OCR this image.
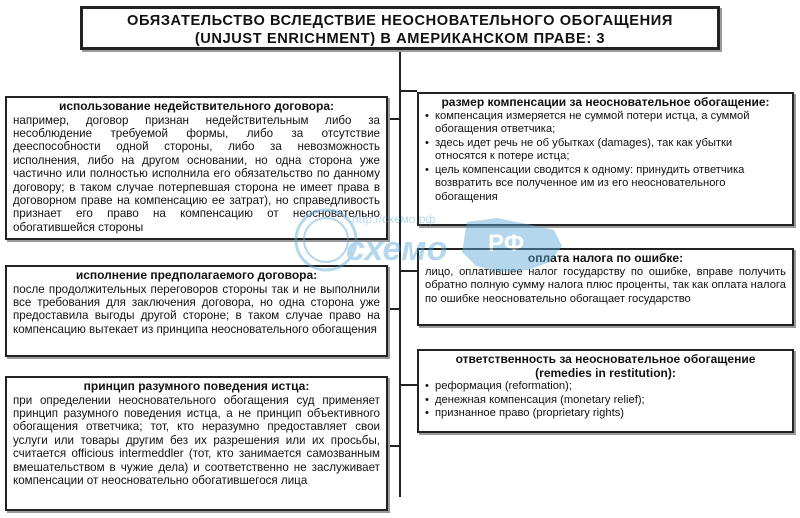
ОБЯЗАТЕЛЬСТВО ВСЛЕДСТВИЕ НЕОСНОВАТЕЛЬНОГО ОБОГАЩЕНИЯ
(UNJUST ENRICHMENT) В АМЕРИКАНСКОМ ПРАВЕ: 3
использование недействительного договора:
например, договор признан недействительным либо за несоблюдение требуемой формы, либо за отсутствие дееспособности одной стороны, либо за невозможность исполнения, либо на другом основании, но одна сторона уже частично или полностью исполнила его обязательство по данному договору; в таком случае потерпевшая сторона не имеет права в договорном праве на компенсацию ее затрат), но справедливость признает его право на компенсацию от неосновательно обогатившейся стороны
исполнение предполагаемого договора:
после продолжительных переговоров стороны так и не выполнили все требования для заключения договора, но одна сторона уже предоставила выгоды другой стороне; в таком случае право на компенсацию вытекает из принципа неосновательного обогащения
принцип разумного поведения истца:
при определении неосновательного обогащения суд применяет принцип разумного поведения истца, а не принцип объективного обогащения ответчика; тот, кто неразумно предоставляет свои услуги или товары другим без их разрешения или их просьбы, считается officious intermeddler (тот, кто занимается самозванным вмешательством в чужие дела) и соответственно не заслуживает компенсации от неосновательно обогатившегося лица
размер компенсации за неосновательное обогащение:
• компенсация измеряется не суммой потери истца, а суммой обогащения ответчика;
• здесь идет речь не об убытках (damages), так как убытки относятся к потере истца;
• цель компенсации сводится к одному: принудить ответчика возвратить все полученное им из его неосновательного обогащения
оплата налога по ошибке:
лицо, оплатившее налог государству по ошибке, вправе получить обратно полную сумму налога плюс проценты, так как оплата налога по ошибке неосновательно обогащает государство
ответственность за неосновательное обогащение
(remedies in restitution):
• реформация (reformation);
• денежная компенсация (monetary relief);
• признанное право (proprietary rights)
http://схемо.рф
схемо РФ
